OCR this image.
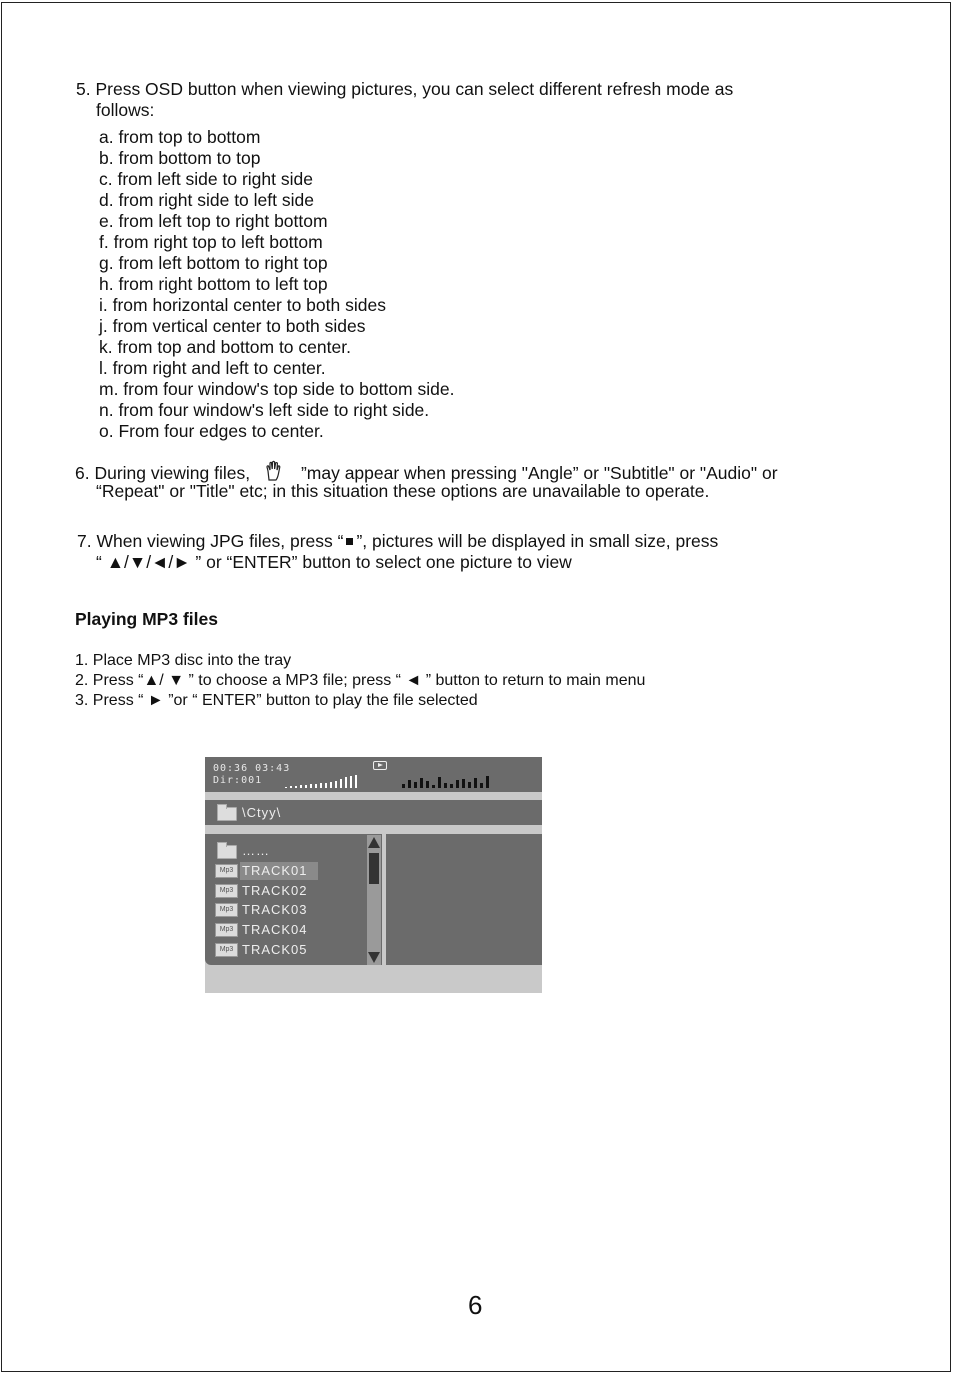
5. Press OSD button when viewing pictures, you can select different refresh mode as
follows:
a. from top to bottom
b. from bottom to top
c. from left side to right side
d. from right side to left side
e. from left top to right bottom
f. from right top to left bottom
g. from left bottom to right top
h. from right bottom to left top
i. from horizontal center to both sides
j. from vertical center to both sides
k. from top and bottom to center.
l. from right and left to center.
m. from four window's top side to bottom side.
n. from four window's left side to right side.
o. From four edges to center.
6. During viewing files,	”may appear when pressing "Angle” or "Subtitle" or "Audio" or
“Repeat" or "Title" etc; in this situation these options are unavailable to operate.
7. When viewing JPG files, press “ ”, pictures will be displayed in small size, press
“ ▲/▼/◄/► ” or “ENTER” button to select one picture to view
Playing MP3 files
1. Place MP3 disc into the tray
2. Press “▲/ ▼ ” to choose a MP3 file; press “ ◄ ” button to return to main menu
3. Press “ ► ”or “ ENTER” button to play the file selected
00:36 03:43
Dir:001
\Ctyy\
……
Mp3 TRACK01
Mp3 TRACK02
Mp3 TRACK03
Mp3 TRACK04
Mp3 TRACK05
6
